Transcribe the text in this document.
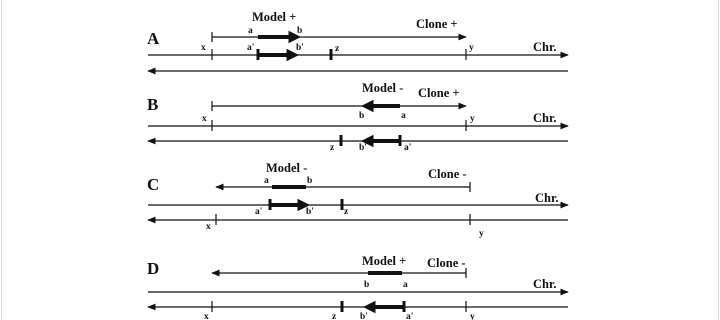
A
Model +	Clone +
Chr.
a	b
a'	b'
x	y
z
B
Model - Clone +
Chr.
b	a
x	y
z	b'	a'
C
Model -	Clone -
Chr.
a	b
a'	b'	z
x
y
D	Model + Clone -
Chr.
b	a
x	z	b'	a'	y
